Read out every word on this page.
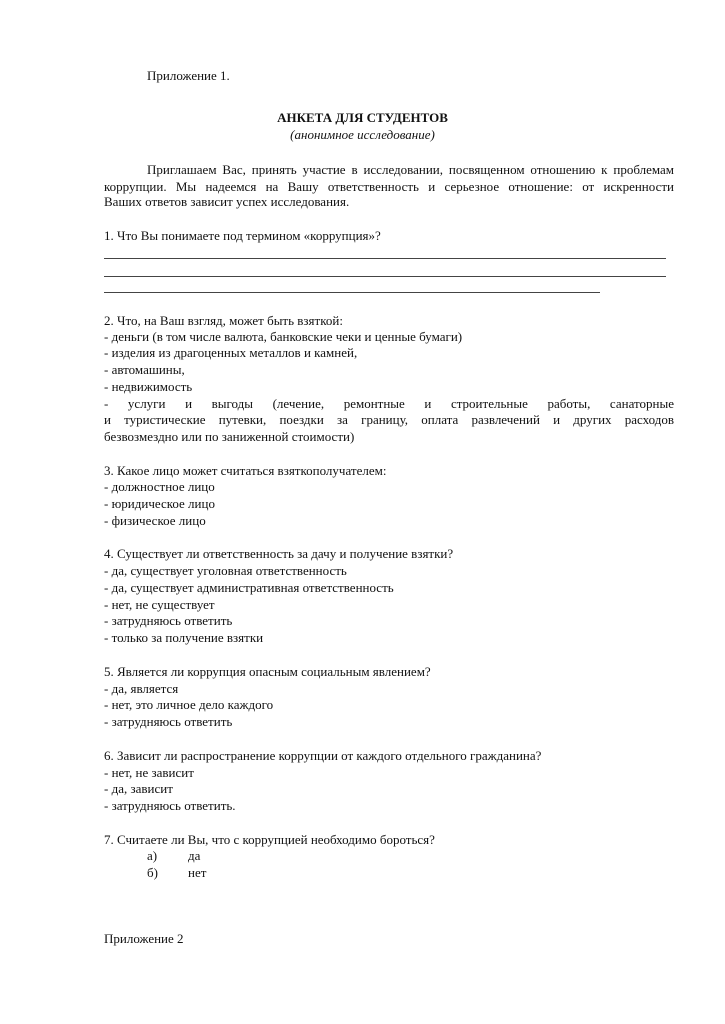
Приложение 1.
АНКЕТА ДЛЯ СТУДЕНТОВ
(анонимное исследование)
Приглашаем Вас, принять участие в исследовании, посвященном отношению к проблемам
коррупции. Мы надеемся на Вашу ответственность и серьезное отношение: от искренности
Ваших ответов зависит успех исследования.
1. Что Вы понимаете под термином «коррупция»?
2. Что, на Ваш взгляд, может быть взяткой:
- деньги (в том числе валюта, банковские чеки и ценные бумаги)
- изделия из драгоценных металлов и камней,
- автомашины,
- недвижимость
- услуги и выгоды (лечение, ремонтные и строительные работы, санаторные
и туристические путевки, поездки за границу, оплата развлечений и других расходов
безвозмездно или по заниженной стоимости)
3. Какое лицо может считаться взяткополучателем:
- должностное лицо
- юридическое лицо
- физическое лицо
4. Существует ли ответственность за дачу и получение взятки?
- да, существует уголовная ответственность
- да, существует административная ответственность
- нет, не существует
- затрудняюсь ответить
- только за получение взятки
5. Является ли коррупция опасным социальным явлением?
- да, является
- нет, это личное дело каждого
- затрудняюсь ответить
6. Зависит ли распространение коррупции от каждого отдельного гражданина?
- нет, не зависит
- да, зависит
- затрудняюсь ответить.
7. Считаете ли Вы, что с коррупцией необходимо бороться?
а) да
б) нет
Приложение 2
